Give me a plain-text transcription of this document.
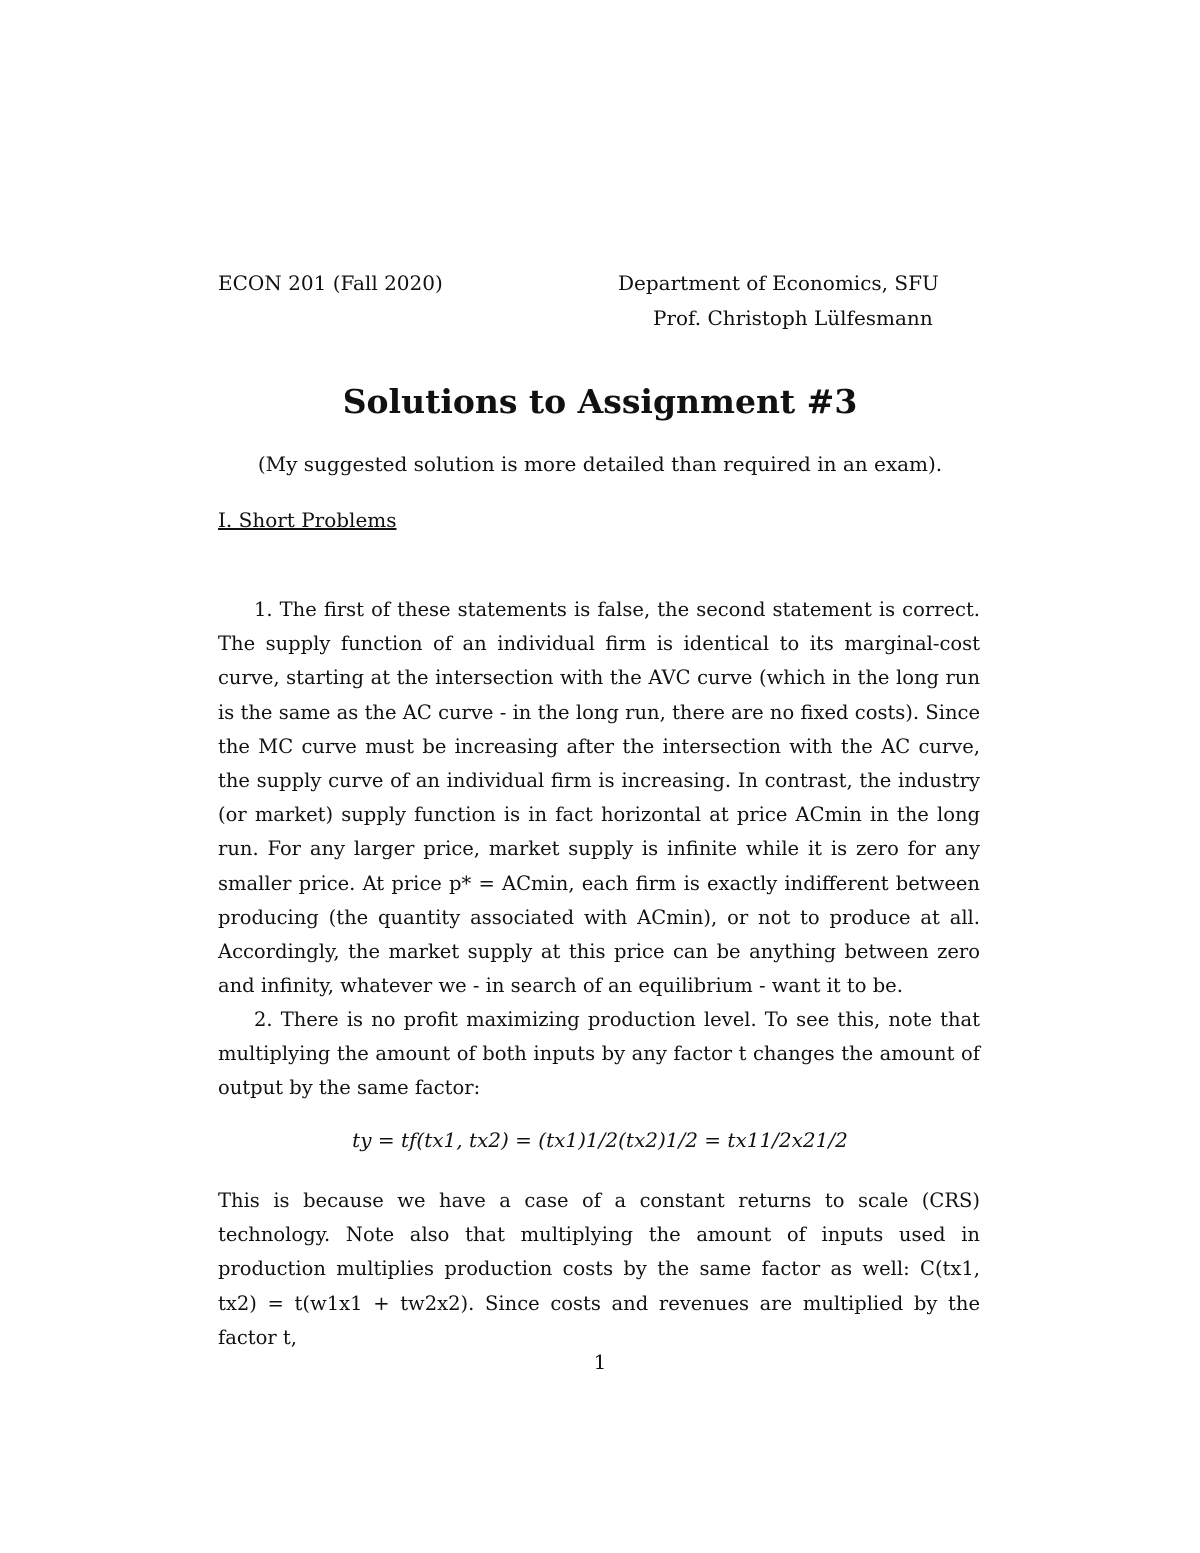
ECON 201 (Fall 2020)	Department of Economics, SFU
Prof. Christoph Lülfesmann
Solutions to Assignment #3
(My suggested solution is more detailed than required in an exam).
I. Short Problems

1. The first of these statements is false, the second statement is correct. The supply function of an individual firm is identical to its marginal-cost curve, starting at the intersection with the AVC curve (which in the long run is the same as the AC curve - in the long run, there are no fixed costs). Since the MC curve must be increasing after the intersection with the AC curve, the supply curve of an individual firm is increasing. In contrast, the industry (or market) supply function is in fact horizontal at price ACmin in the long run. For any larger price, market supply is infinite while it is zero for any smaller price. At price p* = ACmin, each firm is exactly indifferent between producing (the quantity associated with ACmin), or not to produce at all. Accordingly, the market supply at this price can be anything between zero and infinity, whatever we - in search of an equilibrium - want it to be.

2. There is no profit maximizing production level. To see this, note that multiplying the amount of both inputs by any factor t changes the amount of output by the same factor:

ty = tf(tx1, tx2) = (tx1)1/2(tx2)1/2 = tx11/2x21/2

This is because we have a case of a constant returns to scale (CRS) technology. Note also that multiplying the amount of inputs used in production multiplies production costs by the same factor as well: C(tx1, tx2) = t(w1x1 + tw2x2). Since costs and revenues are multiplied by the factor t,

1
